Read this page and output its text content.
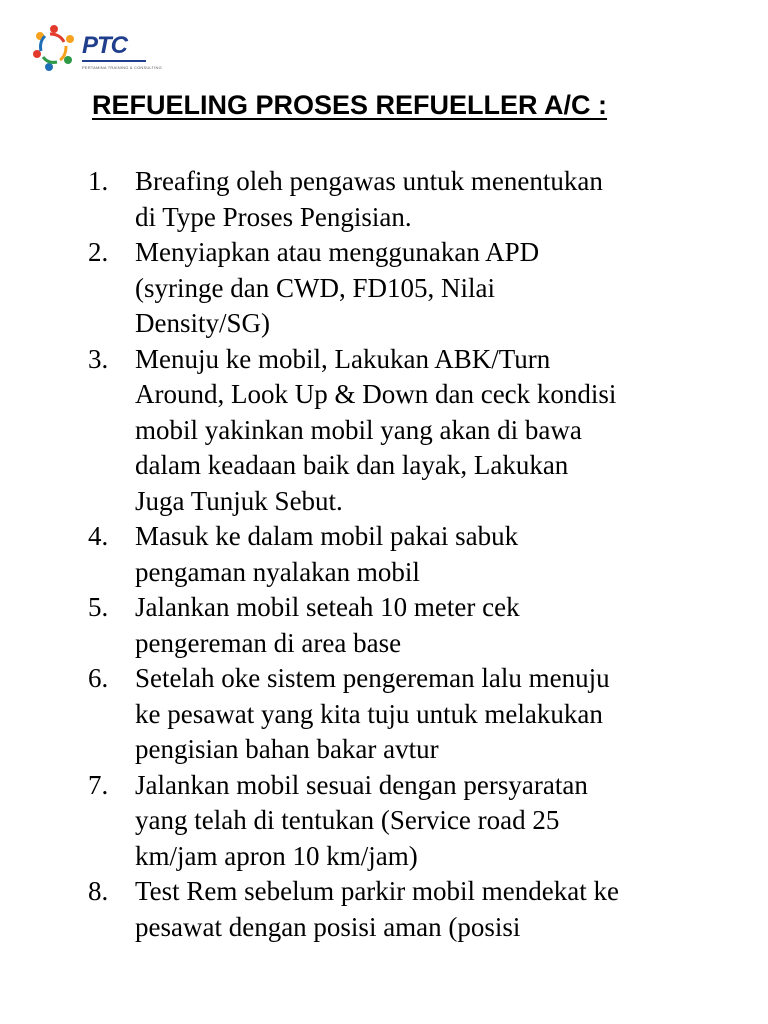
PTC
PERTAMINA TRAINING & CONSULTING
REFUELING PROSES REFUELLER A/C :
1. Breafing oleh pengawas untuk menentukan
di Type Proses Pengisian.
2. Menyiapkan atau menggunakan APD
(syringe dan CWD, FD105, Nilai
Density/SG)
3. Menuju ke mobil, Lakukan ABK/Turn
Around, Look Up & Down dan ceck kondisi
mobil yakinkan mobil yang akan di bawa
dalam keadaan baik dan layak, Lakukan
Juga Tunjuk Sebut.
4. Masuk ke dalam mobil pakai sabuk
pengaman nyalakan mobil
5. Jalankan mobil seteah 10 meter cek
pengereman di area base
6. Setelah oke sistem pengereman lalu menuju
ke pesawat yang kita tuju untuk melakukan
pengisian bahan bakar avtur
7. Jalankan mobil sesuai dengan persyaratan
yang telah di tentukan (Service road 25
km/jam apron 10 km/jam)
8. Test Rem sebelum parkir mobil mendekat ke
pesawat dengan posisi aman (posisi
